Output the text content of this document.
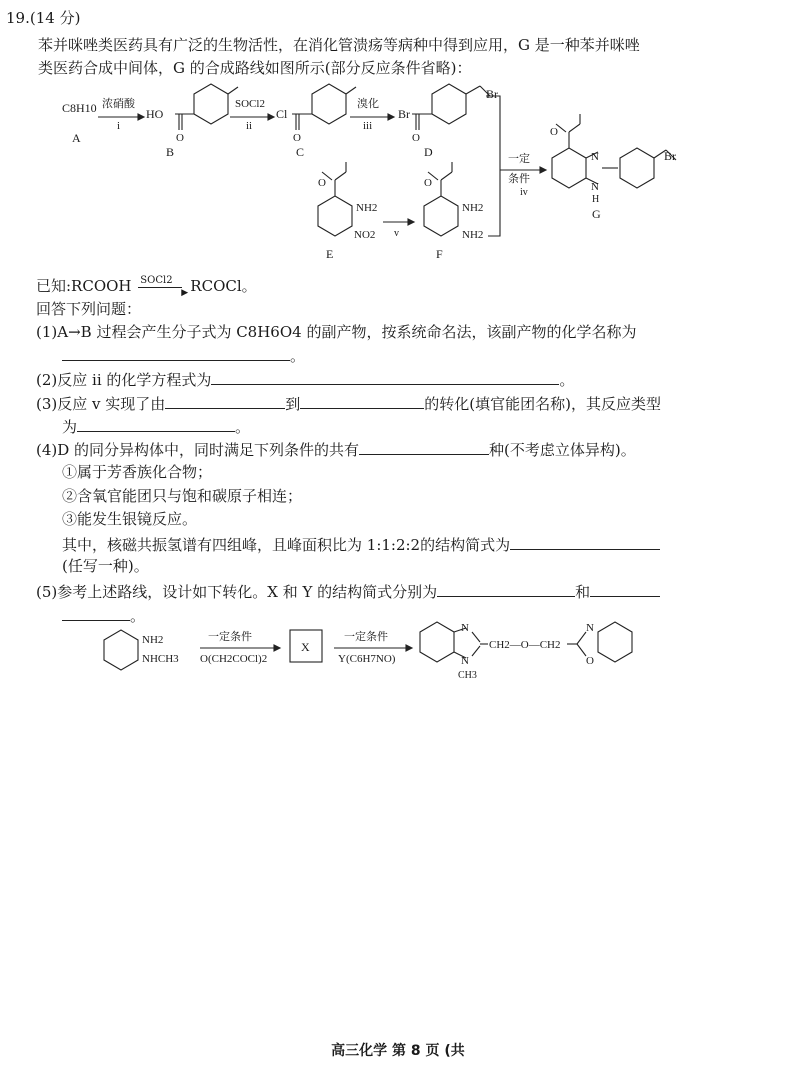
19.(14 分)
苯并咪唑类医药具有广泛的生物活性，在消化管溃疡等病种中得到应用，G 是一种苯并咪唑
类医药合成中间体，G 的合成路线如图所示(部分反应条件省略)：
C8H10
A
浓硝酸
i
HO
O
B
SOCl2
ii
Cl
O
C
溴化
iii
Br
O
Br
D	一定
条件
iv
O
NH2
NO2
E
v
O
NH2
NH2
F
O
N
N
H
Br
G
已知:RCOOH SOCl2
▶ RCOCl。
回答下列问题：
(1)A→B 过程会产生分子式为 C8H6O4 的副产物，按系统命名法，该副产物的化学名称为
。
(2)反应 ii 的化学方程式为	。
(3)反应 v 实现了由	到	的转化(填官能团名称)，其反应类型
为	。
(4)D 的同分异构体中，同时满足下列条件的共有	种(不考虑立体异构)。
①属于芳香族化合物；
②含氧官能团只与饱和碳原子相连；
③能发生银镜反应。
其中，核磁共振氢谱有四组峰，且峰面积比为 1:1:2:2的结构简式为
(任写一种)。
(5)参考上述路线，设计如下转化。X 和 Y 的结构简式分别为	和
。
NH2
NHCH3
一定条件
O(CH2COCl)2
X
一定条件
Y(C6H7NO)
N
N
CH3
CH2—O—CH2
N
O
高三化学 第 8 页 (共
